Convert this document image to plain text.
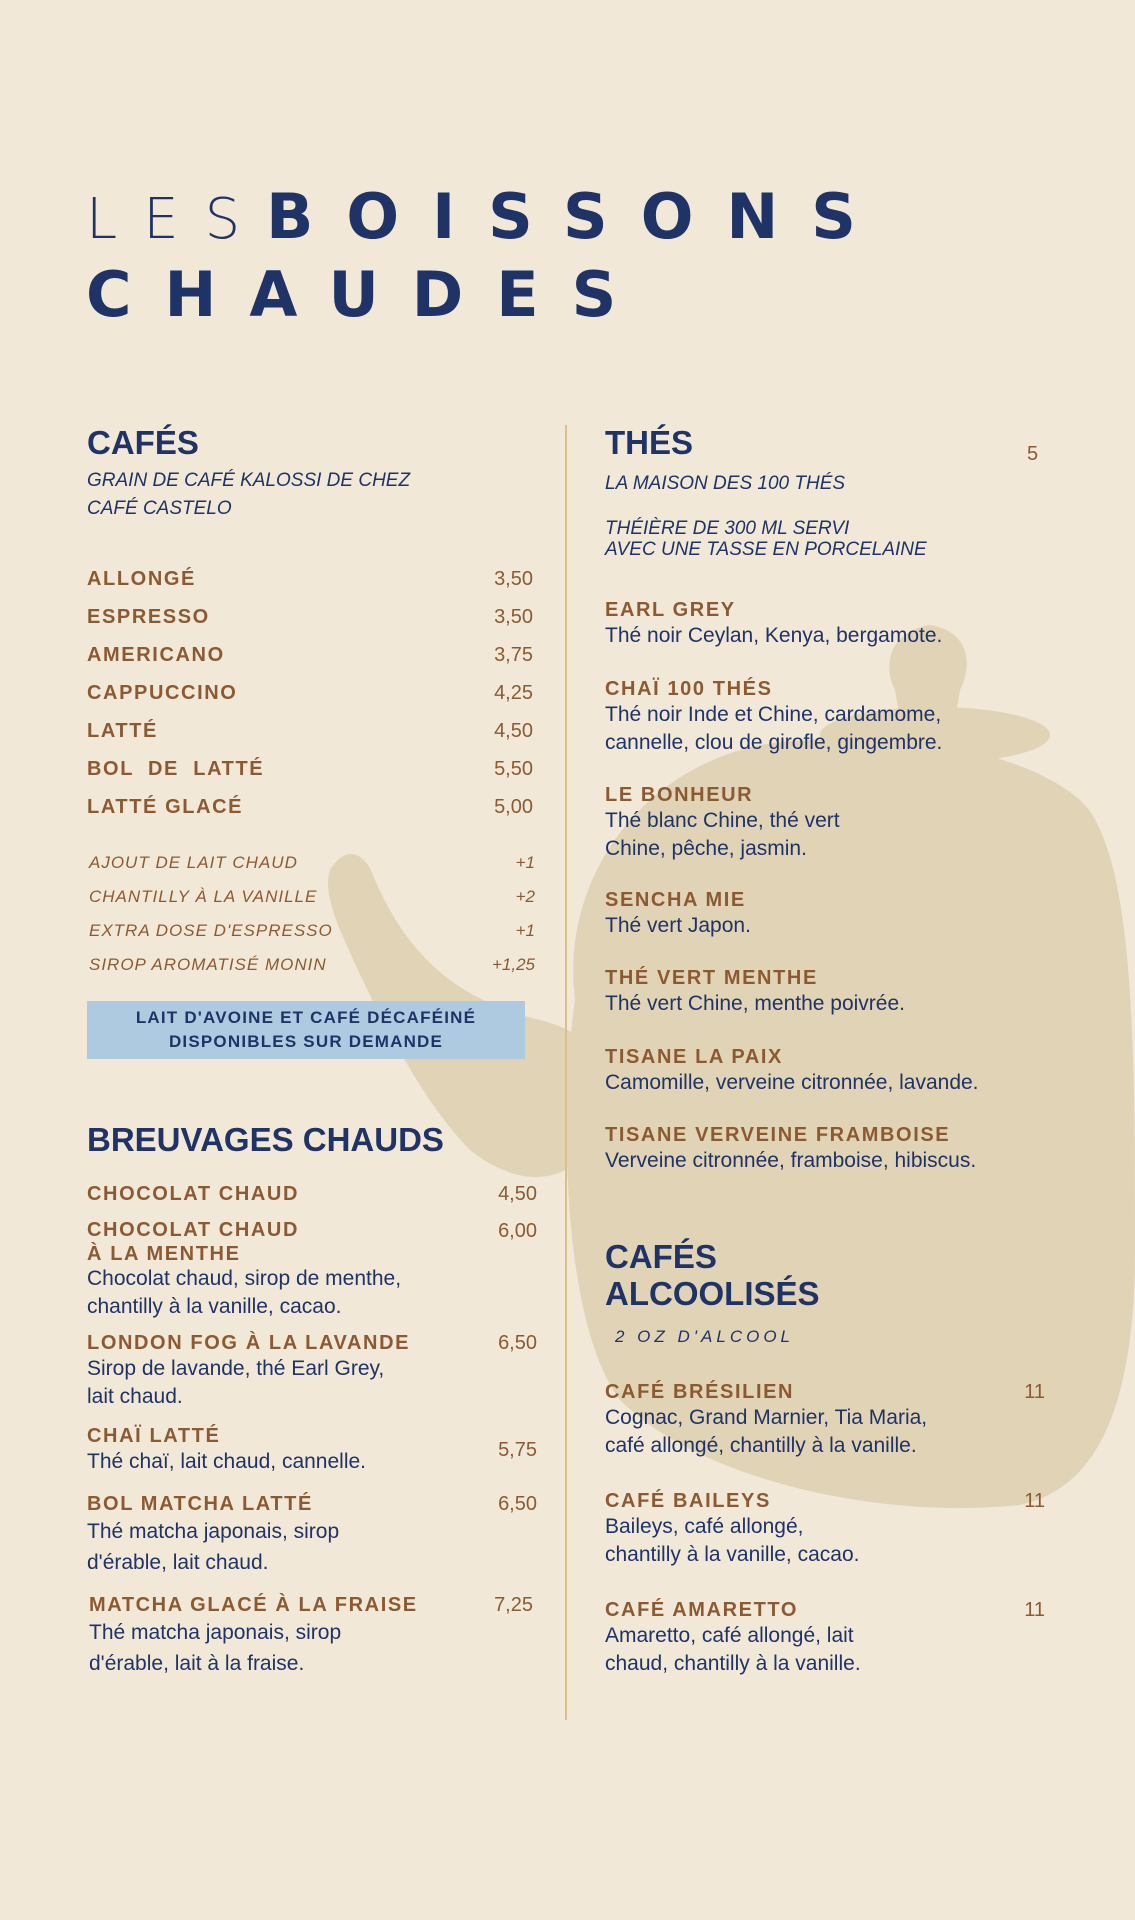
LESBOISSONS
CHAUDES
CAFÉS
GRAIN DE CAFÉ KALOSSI DE CHEZ
CAFÉ CASTELO
ALLONGÉ	3,50
ESPRESSO	3,50
AMERICANO	3,75
CAPPUCCINO	4,25
LATTÉ	4,50
BOL  DE  LATTÉ	5,50
LATTÉ GLACÉ	5,00
AJOUT DE LAIT CHAUD	+1
CHANTILLY À LA VANILLE	+2
EXTRA DOSE D'ESPRESSO	+1
SIROP AROMATISÉ MONIN	+1,25
LAIT D'AVOINE ET CAFÉ DÉCAFÉINÉ
DISPONIBLES SUR DEMANDE
BREUVAGES CHAUDS
CHOCOLAT CHAUD	4,50
CHOCOLAT CHAUD	6,00
À LA MENTHE
Chocolat chaud, sirop de menthe,
chantilly à la vanille, cacao.
LONDON FOG À LA LAVANDE	6,50
Sirop de lavande, thé Earl Grey,
lait chaud.
CHAÏ LATTÉ
Thé chaï, lait chaud, cannelle.	5,75
BOL MATCHA LATTÉ	6,50
Thé matcha japonais, sirop
d'érable, lait chaud.
MATCHA GLACÉ À LA FRAISE	7,25
Thé matcha japonais, sirop
d'érable, lait à la fraise.
THÉS	5
LA MAISON DES 100 THÉS
THÉIÈRE DE 300 ML SERVI
AVEC UNE TASSE EN PORCELAINE
EARL GREY
Thé noir Ceylan, Kenya, bergamote.
CHAÏ 100 THÉS
Thé noir Inde et Chine, cardamome,
cannelle, clou de girofle, gingembre.
LE BONHEUR
Thé blanc Chine, thé vert
Chine, pêche, jasmin.
SENCHA MIE
Thé vert Japon.
THÉ VERT MENTHE
Thé vert Chine, menthe poivrée.
TISANE LA PAIX
Camomille, verveine citronnée, lavande.
TISANE VERVEINE FRAMBOISE
Verveine citronnée, framboise, hibiscus.
CAFÉS
ALCOOLISÉS
2 OZ D'ALCOOL
CAFÉ BRÉSILIEN	11
Cognac, Grand Marnier, Tia Maria,
café allongé, chantilly à la vanille.
CAFÉ BAILEYS	11
Baileys, café allongé,
chantilly à la vanille, cacao.
CAFÉ AMARETTO	11
Amaretto, café allongé, lait
chaud, chantilly à la vanille.
